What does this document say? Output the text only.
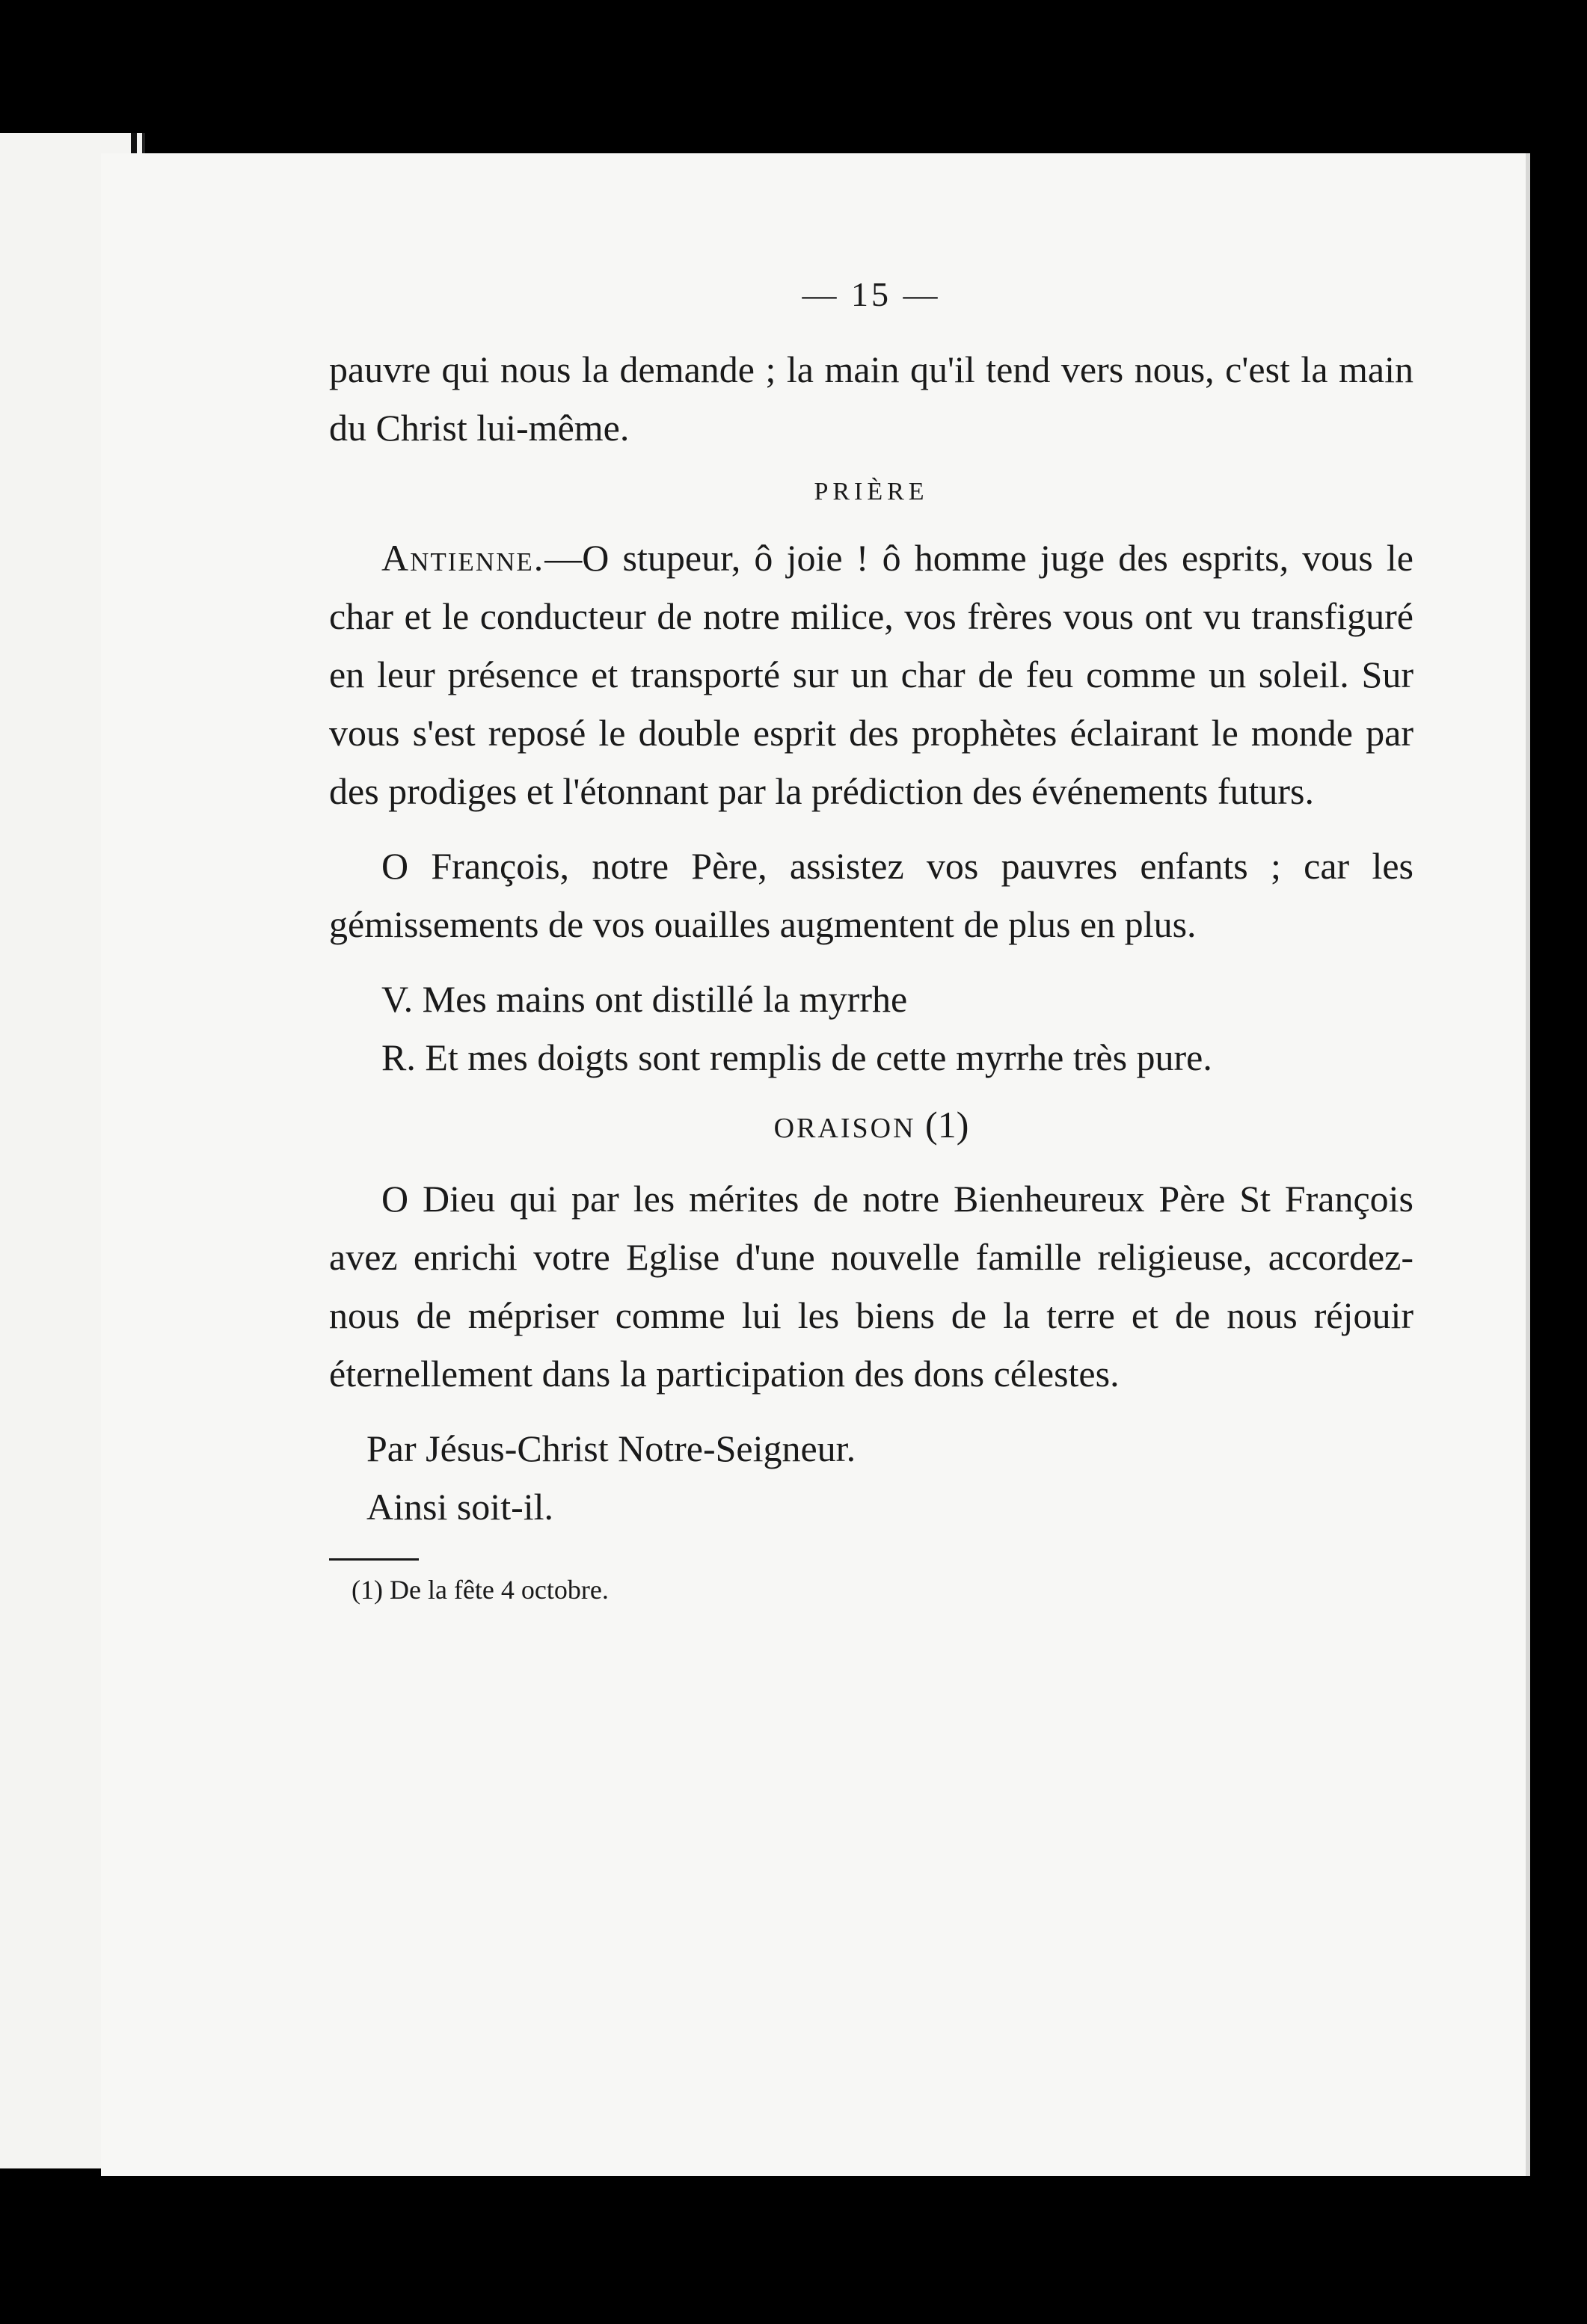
— 15 —

pauvre qui nous la demande ; la main qu'il tend vers nous, c'est la main du Christ lui-même.

PRIÈRE

Antienne.—O stupeur, ô joie ! ô homme juge des esprits, vous le char et le conducteur de notre milice, vos frères vous ont vu transfiguré en leur présence et transporté sur un char de feu comme un soleil. Sur vous s'est reposé le double esprit des prophètes éclairant le monde par des prodiges et l'étonnant par la prédiction des événements futurs.

O François, notre Père, assistez vos pauvres enfants ; car les gémissements de vos ouailles augmentent de plus en plus.

V. Mes mains ont distillé la myrrhe

R. Et mes doigts sont remplis de cette myrrhe très pure.

ORAISON (1)

O Dieu qui par les mérites de notre Bienheureux Père St François avez enrichi votre Eglise d'une nouvelle famille religieuse, accordez-nous de mépriser comme lui les biens de la terre et de nous réjouir éternellement dans la participation des dons célestes.

Par Jésus-Christ Notre-Seigneur.

Ainsi soit-il.

(1) De la fête 4 octobre.
